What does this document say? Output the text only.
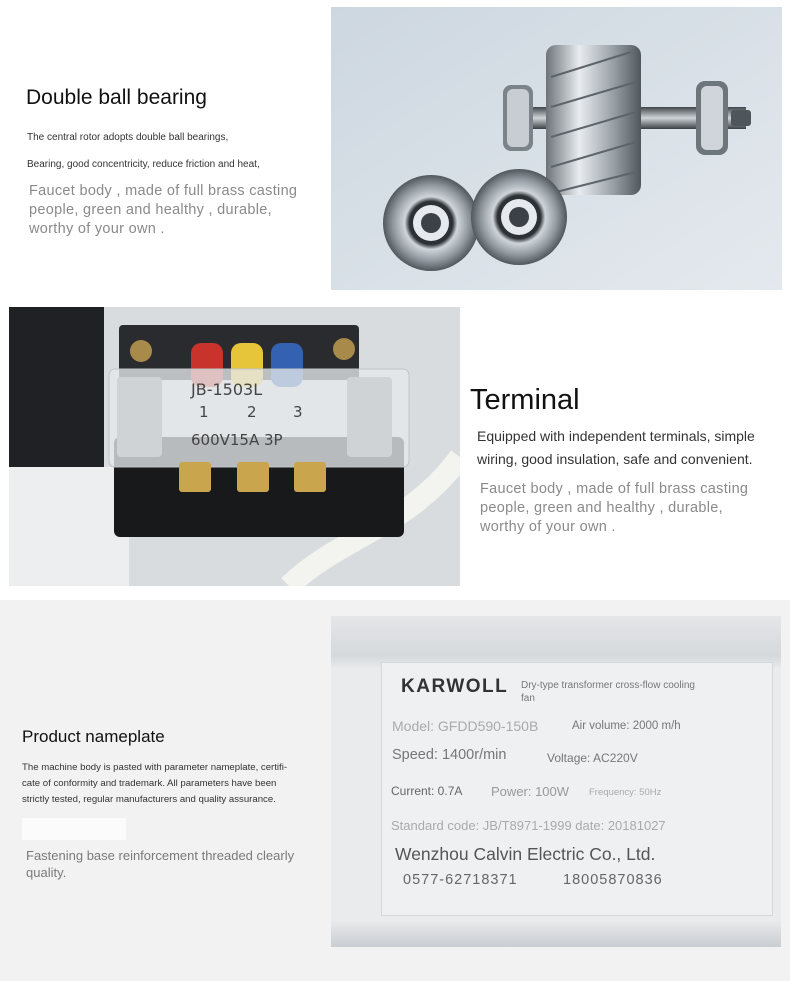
Double ball bearing

The central rotor adopts double ball bearings,

Bearing, good concentricity, reduce friction and heat,

Faucet body , made of full brass casting

people, green and healthy , durable,

worthy of your own .

JB-1503L
1	2 3
600V15A 3P
Terminal

Equipped with independent terminals, simple

wiring, good insulation, safe and convenient.

Faucet body , made of full brass casting

people, green and healthy , durable,

worthy of your own .

Product nameplate

The machine body is pasted with parameter nameplate, certifi-

cate of conformity and trademark. All parameters have been

strictly tested, regular manufacturers and quality assurance.

Fastening base reinforcement threaded clearly

quality.

KARWOLL Dry-type transformer cross-flow cooling

fan

Model: GFDD590-150B	Air volume: 2000 m/h

Speed: 1400r/min	Voltage: AC220V

Current: 0.7A Power: 100W Frequency: 50Hz

Standard code: JB/T8971-1999 date: 20181027

Wenzhou Calvin Electric Co., Ltd.

0577-62718371	18005870836
